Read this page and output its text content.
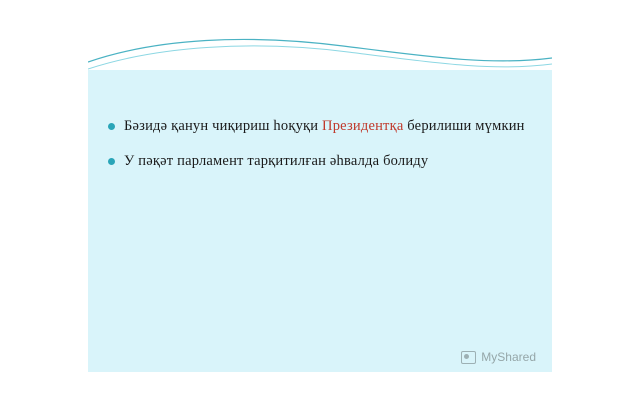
Бәзидә қанун чиқириш һоқуқи Президентқа берилиши мүмкин
У пәқәт парламент тарқитилған әһвалда болиду
MyShared
